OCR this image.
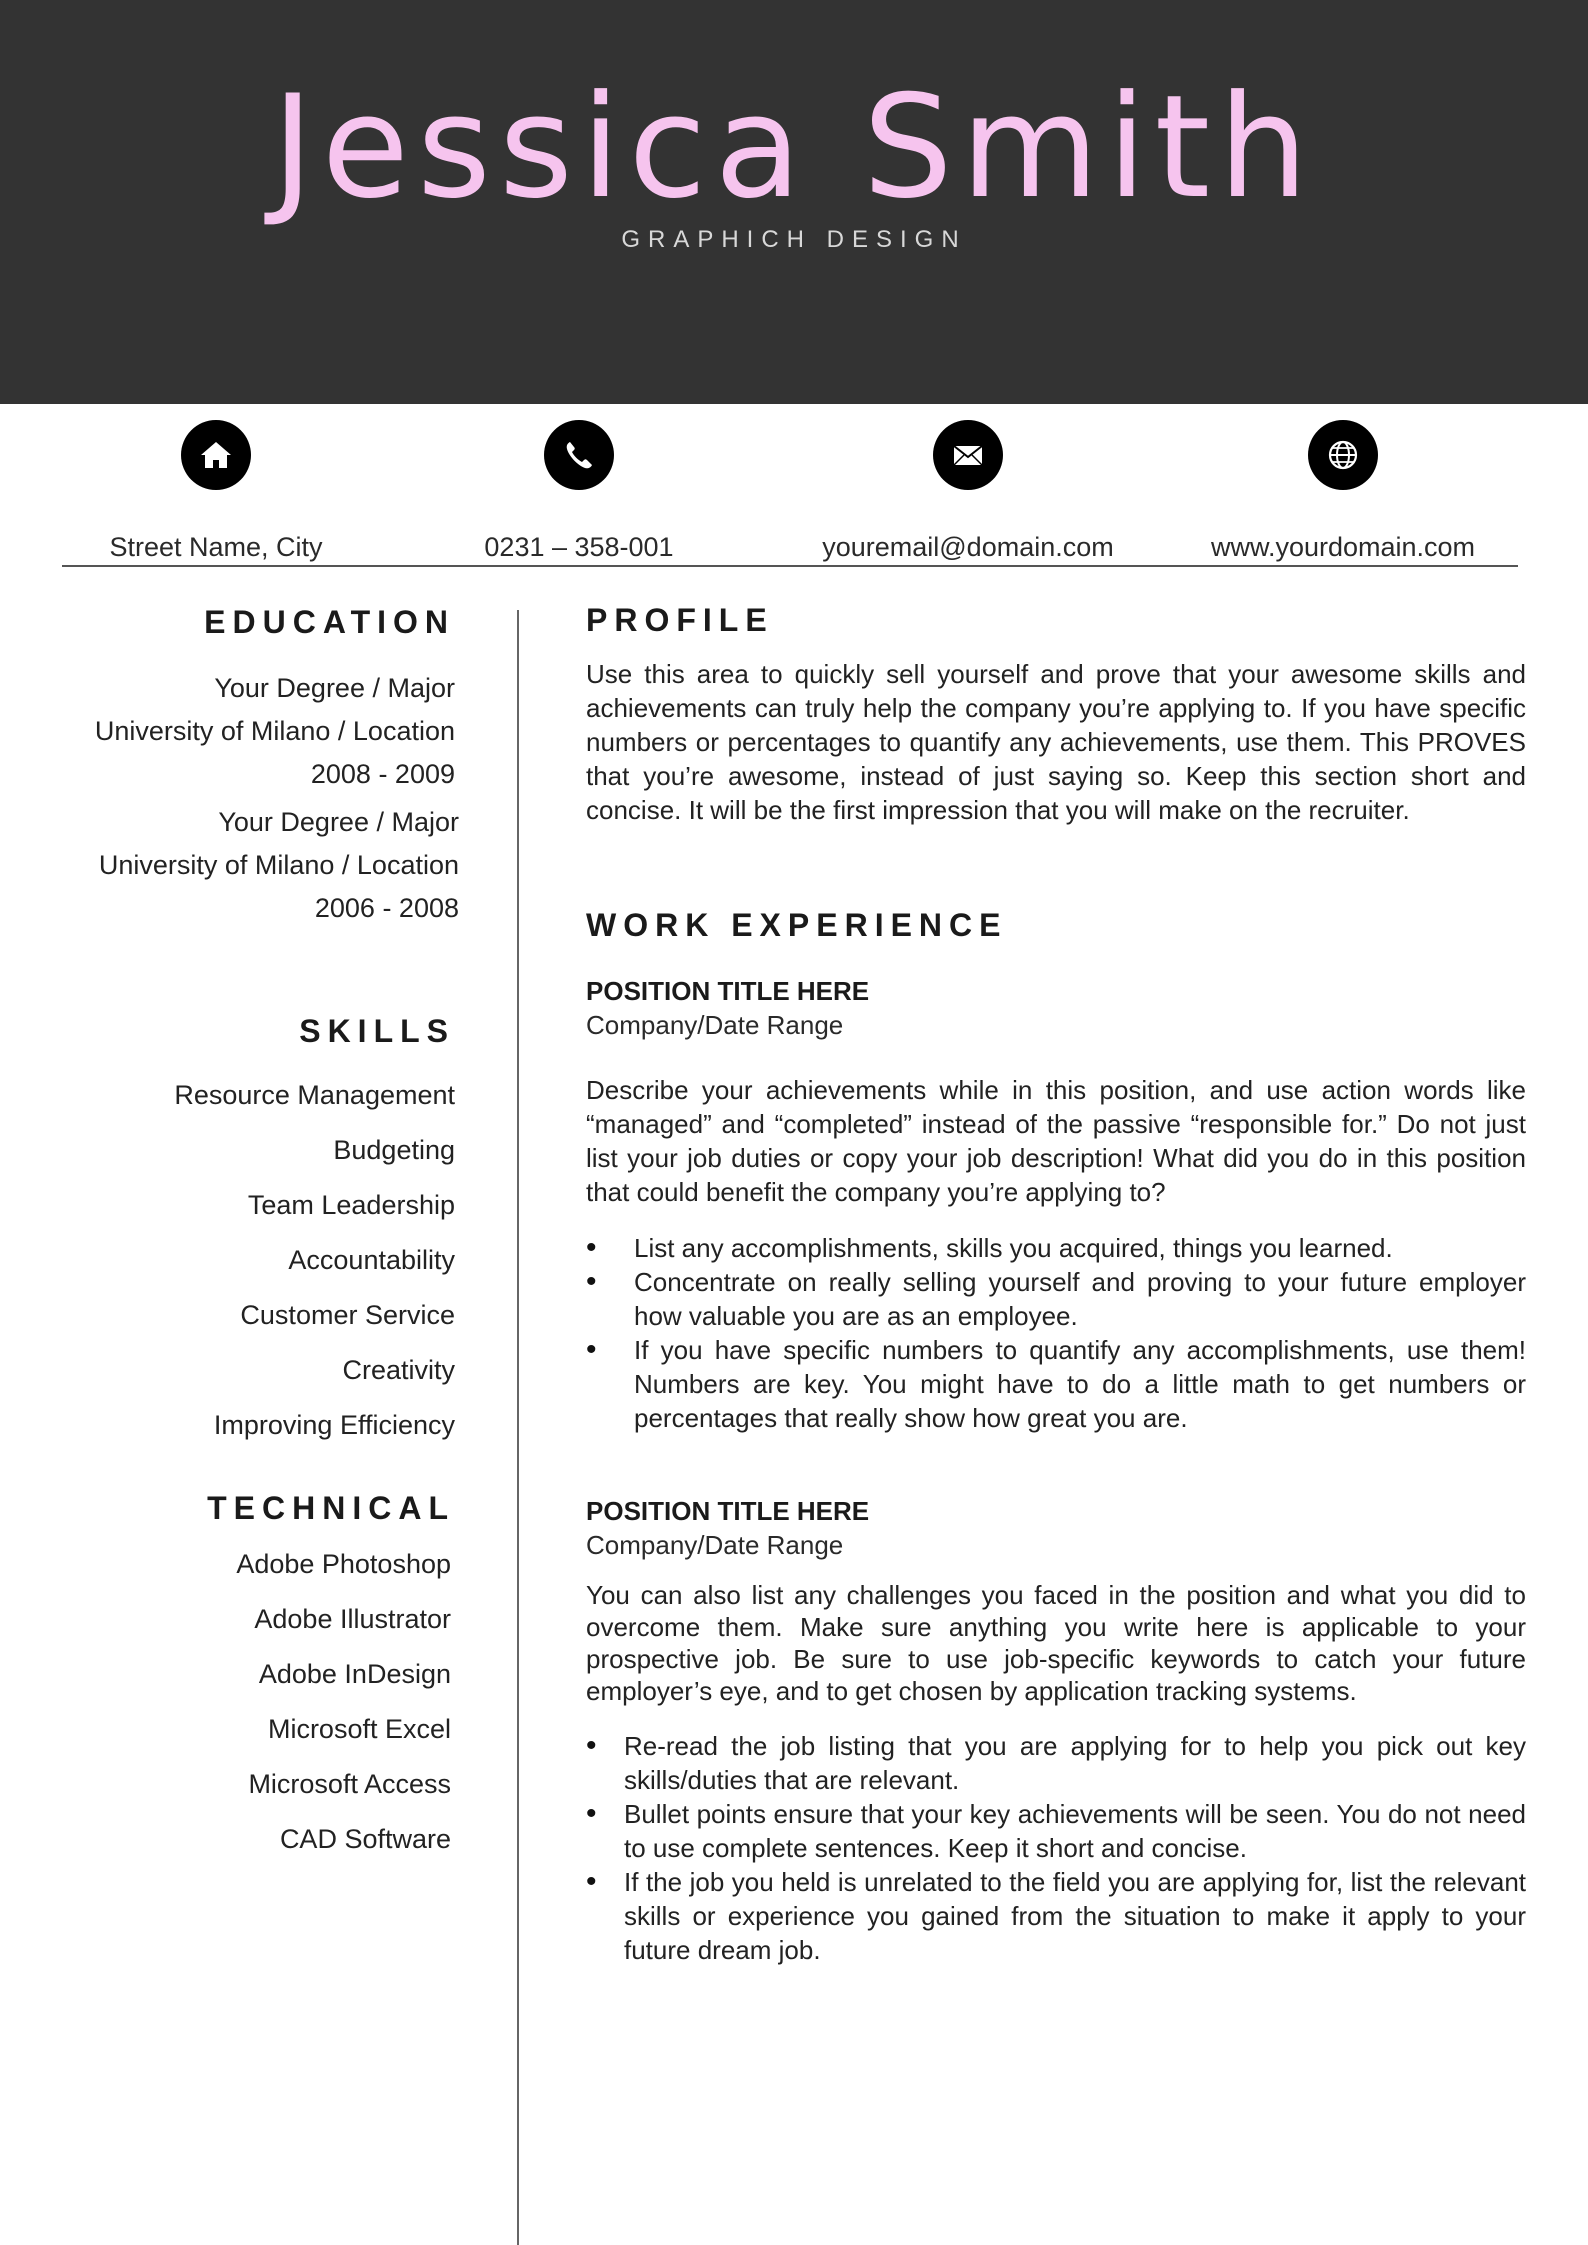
Jessica Smith
GRAPHICH DESIGN
Street Name, City	0231 – 358-001	youremail@domain.com	www.yourdomain.com
EDUCATION
Your Degree / Major
University of Milano / Location
2008 - 2009
Your Degree / Major
University of Milano / Location
2006 - 2008
SKILLS
Resource Management
Budgeting
Team Leadership
Accountability
Customer Service
Creativity
Improving Efficiency
TECHNICAL
Adobe Photoshop
Adobe Illustrator
Adobe InDesign
Microsoft Excel
Microsoft Access
CAD Software
PROFILE
Use this area to quickly sell yourself and prove that your awesome skills and achievements can truly help the company you’re applying to. If you have specific numbers or percentages to quantify any achievements, use them. This PROVES that you’re awesome, instead of just saying so. Keep this section short and concise. It will be the first impression that you will make on the recruiter.
WORK EXPERIENCE
POSITION TITLE HERE
Company/Date Range
Describe your achievements while in this position, and use action words like “managed” and “completed” instead of the passive “responsible for.” Do not just list your job duties or copy your job description! What did you do in this position that could benefit the company you’re applying to?
• List any accomplishments, skills you acquired, things you learned.
• Concentrate on really selling yourself and proving to your future employer how valuable you are as an employee.
• If you have specific numbers to quantify any accomplishments, use them! Numbers are key. You might have to do a little math to get numbers or percentages that really show how great you are.
POSITION TITLE HERE
Company/Date Range
You can also list any challenges you faced in the position and what you did to overcome them. Make sure anything you write here is applicable to your prospective job. Be sure to use job-specific keywords to catch your future employer’s eye, and to get chosen by application tracking systems.
• Re-read the job listing that you are applying for to help you pick out key skills/duties that are relevant.
• Bullet points ensure that your key achievements will be seen. You do not need to use complete sentences. Keep it short and concise.
• If the job you held is unrelated to the field you are applying for, list the relevant skills or experience you gained from the situation to make it apply to your future dream job.
